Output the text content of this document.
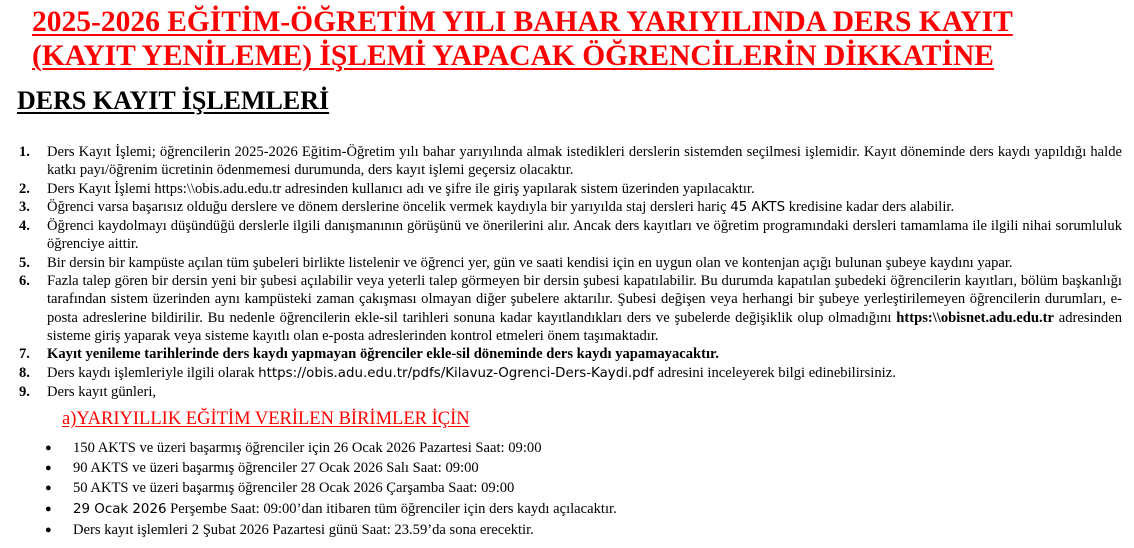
2025-2026 EĞİTİM-ÖĞRETİM YILI BAHAR YARIYILINDA DERS KAYIT
(KAYIT YENİLEME) İŞLEMİ YAPACAK ÖĞRENCİLERİN DİKKATİNE
DERS KAYIT İŞLEMLERİ
1. Ders Kayıt İşlemi; öğrencilerin 2025-2026 Eğitim-Öğretim yılı bahar yarıyılında almak istedikleri derslerin sistemden seçilmesi işlemidir. Kayıt döneminde ders kaydı yapıldığı halde katkı payı/öğrenim ücretinin ödenmemesi durumunda, ders kayıt işlemi geçersiz olacaktır.
2. Ders Kayıt İşlemi https:\\obis.adu.edu.tr adresinden kullanıcı adı ve şifre ile giriş yapılarak sistem üzerinden yapılacaktır.
3. Öğrenci varsa başarısız olduğu derslere ve dönem derslerine öncelik vermek kaydıyla bir yarıyılda staj dersleri hariç 45 AKTS kredisine kadar ders alabilir.
4. Öğrenci kaydolmayı düşündüğü derslerle ilgili danışmanının görüşünü ve önerilerini alır. Ancak ders kayıtları ve öğretim programındaki dersleri tamamlama ile ilgili nihai sorumluluk öğrenciye aittir.
5. Bir dersin bir kampüste açılan tüm şubeleri birlikte listelenir ve öğrenci yer, gün ve saati kendisi için en uygun olan ve kontenjan açığı bulunan şubeye kaydını yapar.
6. Fazla talep gören bir dersin yeni bir şubesi açılabilir veya yeterli talep görmeyen bir dersin şubesi kapatılabilir. Bu durumda kapatılan şubedeki öğrencilerin kayıtları, bölüm başkanlığı tarafından sistem üzerinden aynı kampüsteki zaman çakışması olmayan diğer şubelere aktarılır. Şubesi değişen veya herhangi bir şubeye yerleştirilemeyen öğrencilerin durumları, e-posta adreslerine bildirilir. Bu nedenle öğrencilerin ekle-sil tarihleri sonuna kadar kayıtlandıkları ders ve şubelerde değişiklik olup olmadığını https:\\obisnet.adu.edu.tr adresinden sisteme giriş yaparak veya sisteme kayıtlı olan e-posta adreslerinden kontrol etmeleri önem taşımaktadır.
7. Kayıt yenileme tarihlerinde ders kaydı yapmayan öğrenciler ekle-sil döneminde ders kaydı yapamayacaktır.
8. Ders kaydı işlemleriyle ilgili olarak https://obis.adu.edu.tr/pdfs/Kilavuz-Ogrenci-Ders-Kaydi.pdf adresini inceleyerek bilgi edinebilirsiniz.
9. Ders kayıt günleri,
a)YARIYILLIK EĞİTİM VERİLEN BİRİMLER İÇİN
● 150 AKTS ve üzeri başarmış öğrenciler için 26 Ocak 2026 Pazartesi Saat: 09:00
● 90 AKTS ve üzeri başarmış öğrenciler 27 Ocak 2026 Salı Saat: 09:00
● 50 AKTS ve üzeri başarmış öğrenciler 28 Ocak 2026 Çarşamba Saat: 09:00
● 29 Ocak 2026 Perşembe Saat: 09:00’dan itibaren tüm öğrenciler için ders kaydı açılacaktır.
● Ders kayıt işlemleri 2 Şubat 2026 Pazartesi günü Saat: 23.59’da sona erecektir.
